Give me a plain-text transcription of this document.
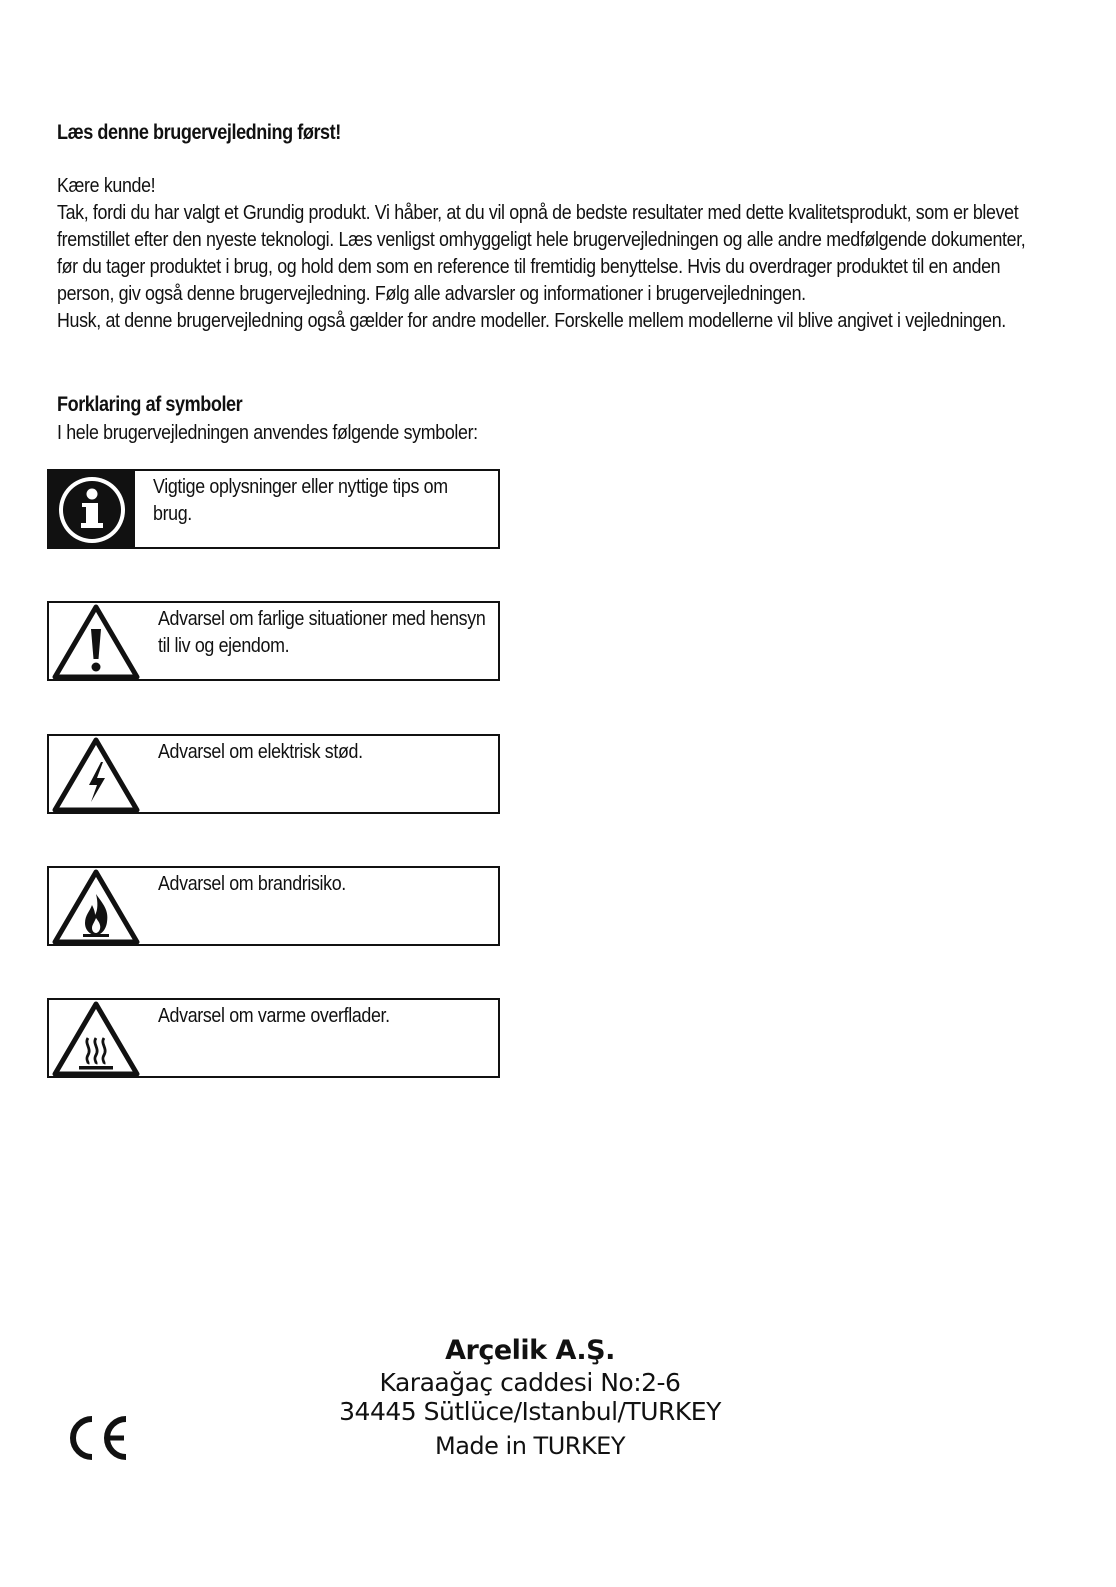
Læs denne brugervejledning først!

Kære kunde!

Tak, fordi du har valgt et Grundig produkt. Vi håber, at du vil opnå de bedste resultater med dette kvalitetsprodukt, som er blevet fremstillet efter den nyeste teknologi. Læs venligst omhyggeligt hele brugervejledningen og alle andre medfølgende dokumenter, før du tager produktet i brug, og hold dem som en reference til fremtidig benyttelse. Hvis du overdrager produktet til en anden person, giv også denne brugervejledning. Følg alle advarsler og informationer i brugervejledningen.

Husk, at denne brugervejledning også gælder for andre modeller. Forskelle mellem modellerne vil blive angivet i vejledningen.

Forklaring af symboler
I hele brugervejledningen anvendes følgende symboler:
Vigtige oplysninger eller nyttige tips om brug.
Advarsel om farlige situationer med hensyn til liv og ejendom.
Advarsel om elektrisk stød.
Advarsel om brandrisiko.
Advarsel om varme overflader.
Arçelik A.Ş.
Karaağaç caddesi No:2-6
34445 Sütlüce/Istanbul/TURKEY
Made in TURKEY
